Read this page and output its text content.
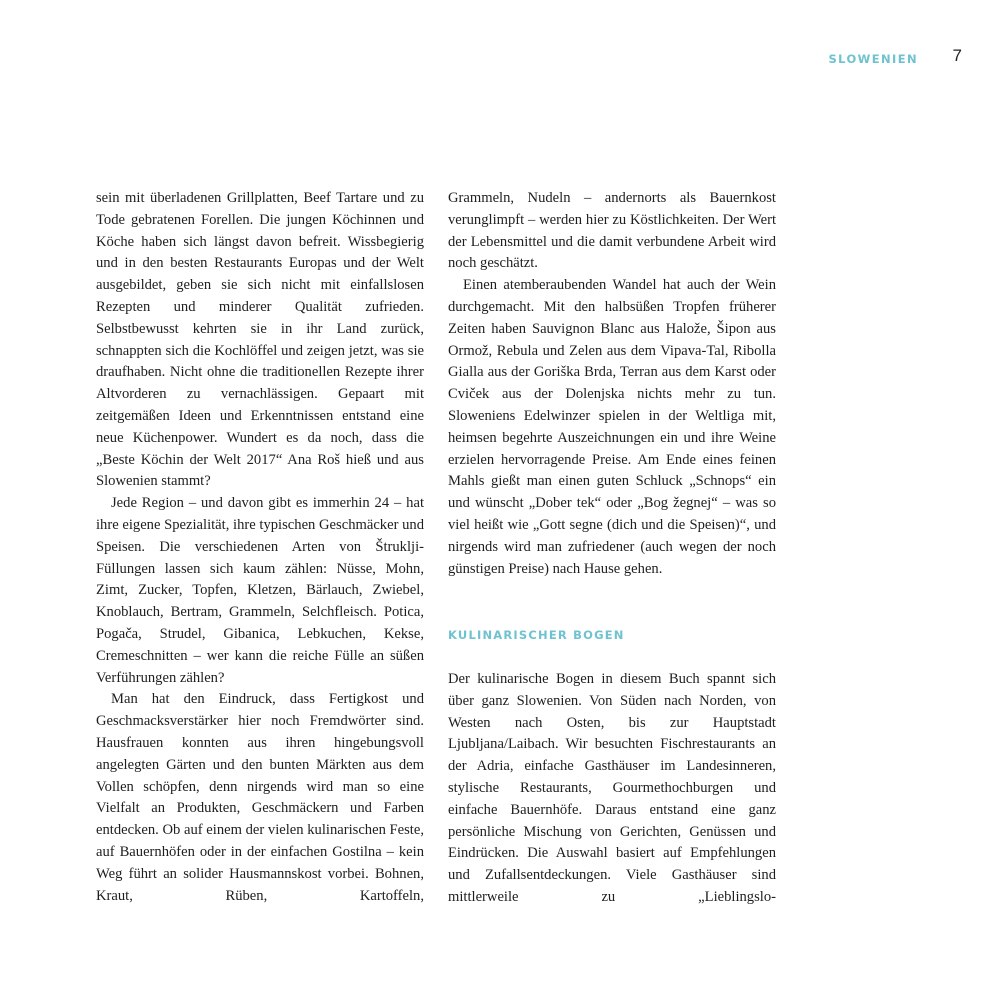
SLOWENIEN 7

sein mit überladenen Grillplatten, Beef Tartare und zu Tode gebratenen Forellen. Die jungen Köchinnen und Köche haben sich längst davon befreit. Wissbegierig und in den besten Restaurants Europas und der Welt ausgebildet, geben sie sich nicht mit einfallslosen Rezepten und minderer Qualität zufrieden. Selbstbewusst kehrten sie in ihr Land zurück, schnappten sich die Kochlöffel und zeigen jetzt, was sie draufhaben. Nicht ohne die traditionellen Rezepte ihrer Altvorderen zu vernachlässigen. Gepaart mit zeitgemäßen Ideen und Erkenntnissen entstand eine neue Küchenpower. Wundert es da noch, dass die „Beste Köchin der Welt 2017“ Ana Roš hieß und aus Slowenien stammt?

Jede Region – und davon gibt es immerhin 24 – hat ihre eigene Spezialität, ihre typischen Geschmäcker und Speisen. Die verschiedenen Arten von Štruklji-Füllungen lassen sich kaum zählen: Nüsse, Mohn, Zimt, Zucker, Topfen, Kletzen, Bärlauch, Zwiebel, Knoblauch, Bertram, Grammeln, Selchfleisch. Potica, Pogača, Strudel, Gibanica, Lebkuchen, Kekse, Cremeschnitten – wer kann die reiche Fülle an süßen Verführungen zählen?

Man hat den Eindruck, dass Fertigkost und Geschmacksverstärker hier noch Fremdwörter sind. Hausfrauen konnten aus ihren hingebungsvoll angelegten Gärten und den bunten Märkten aus dem Vollen schöpfen, denn nirgends wird man so eine Vielfalt an Produkten, Geschmäckern und Farben entdecken. Ob auf einem der vielen kulinarischen Feste, auf Bauernhöfen oder in der einfachen Gostilna – kein Weg führt an solider Hausmannskost vorbei. Bohnen, Kraut, Rüben, Kartoffeln,

Grammeln, Nudeln – andernorts als Bauernkost verunglimpft – werden hier zu Köstlichkeiten. Der Wert der Lebensmittel und die damit verbundene Arbeit wird noch geschätzt.

Einen atemberaubenden Wandel hat auch der Wein durchgemacht. Mit den halbsüßen Tropfen früherer Zeiten haben Sauvignon Blanc aus Halože, Šipon aus Ormož, Rebula und Zelen aus dem Vipava-Tal, Ribolla Gialla aus der Goriška Brda, Terran aus dem Karst oder Cviček aus der Dolenjska nichts mehr zu tun. Sloweniens Edelwinzer spielen in der Weltliga mit, heimsen begehrte Auszeichnungen ein und ihre Weine erzielen hervorragende Preise. Am Ende eines feinen Mahls gießt man einen guten Schluck „Schnops“ ein und wünscht „Dober tek“ oder „Bog žegnej“ – was so viel heißt wie „Gott segne (dich und die Speisen)“, und nirgends wird man zufriedener (auch wegen der noch günstigen Preise) nach Hause gehen.

KULINARISCHER BOGEN

Der kulinarische Bogen in diesem Buch spannt sich über ganz Slowenien. Von Süden nach Norden, von Westen nach Osten, bis zur Hauptstadt Ljubljana/Laibach. Wir besuchten Fischrestaurants an der Adria, einfache Gasthäuser im Landesinneren, stylische Restaurants, Gourmethochburgen und einfache Bauernhöfe. Daraus entstand eine ganz persönliche Mischung von Gerichten, Genüssen und Eindrücken. Die Auswahl basiert auf Empfehlungen und Zufallsentdeckungen. Viele Gasthäuser sind mittlerweile zu „Lieblingslo-
